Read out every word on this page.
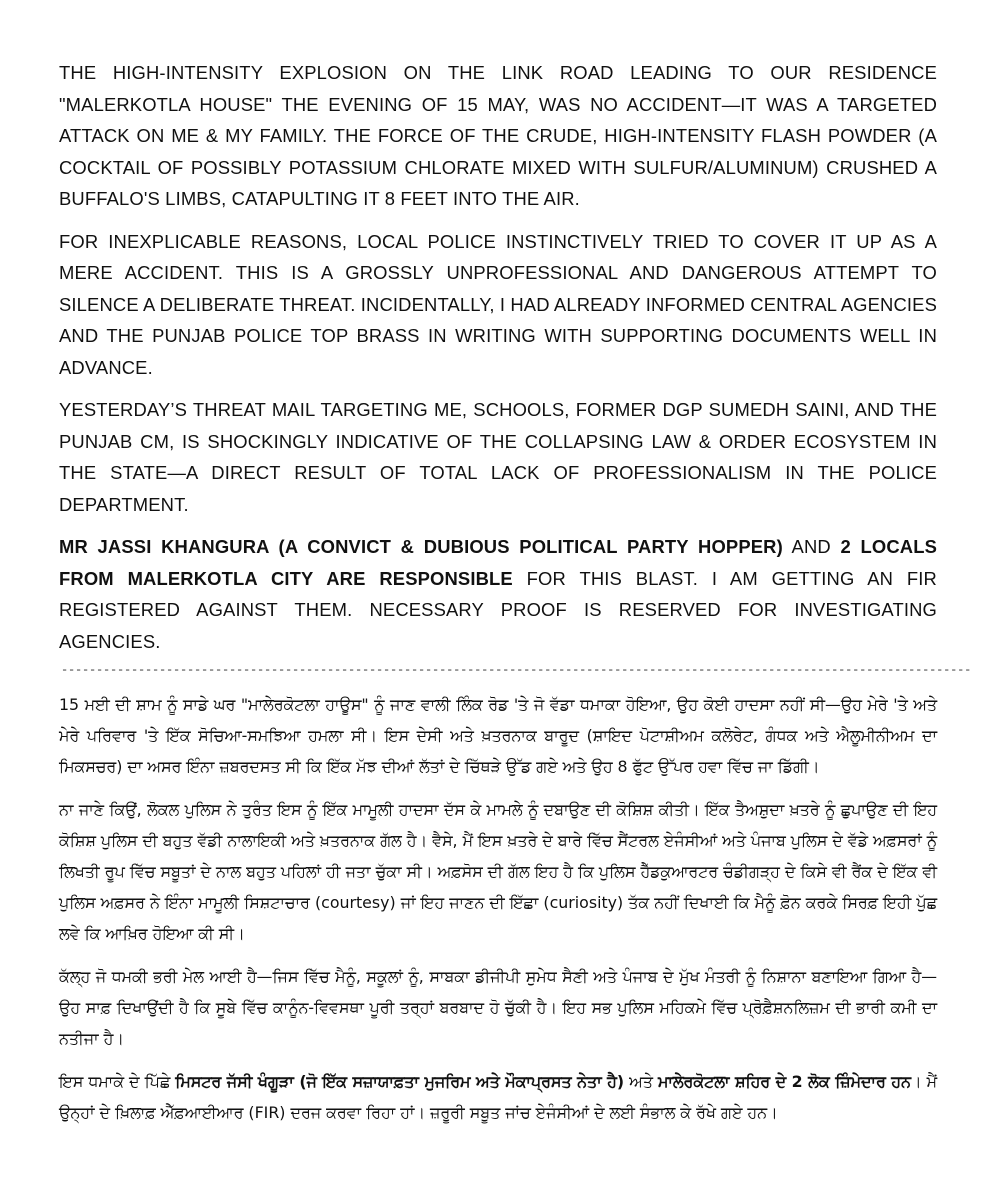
THE HIGH-INTENSITY EXPLOSION ON THE LINK ROAD LEADING TO OUR RESIDENCE "MALERKOTLA HOUSE" THE EVENING OF 15 MAY, WAS NO ACCIDENT—IT WAS A TARGETED ATTACK ON ME & MY FAMILY. THE FORCE OF THE CRUDE, HIGH-INTENSITY FLASH POWDER (A COCKTAIL OF POSSIBLY POTASSIUM CHLORATE MIXED WITH SULFUR/ALUMINUM) CRUSHED A BUFFALO'S LIMBS, CATAPULTING IT 8 FEET INTO THE AIR.

FOR INEXPLICABLE REASONS, LOCAL POLICE INSTINCTIVELY TRIED TO COVER IT UP AS A MERE ACCIDENT. THIS IS A GROSSLY UNPROFESSIONAL AND DANGEROUS ATTEMPT TO SILENCE A DELIBERATE THREAT. INCIDENTALLY, I HAD ALREADY INFORMED CENTRAL AGENCIES AND THE PUNJAB POLICE TOP BRASS IN WRITING WITH SUPPORTING DOCUMENTS WELL IN ADVANCE.

YESTERDAY’S THREAT MAIL TARGETING ME, SCHOOLS, FORMER DGP SUMEDH SAINI, AND THE PUNJAB CM, IS SHOCKINGLY INDICATIVE OF THE COLLAPSING LAW & ORDER ECOSYSTEM IN THE STATE—A DIRECT RESULT OF TOTAL LACK OF PROFESSIONALISM IN THE POLICE DEPARTMENT.

MR JASSI KHANGURA (A CONVICT & DUBIOUS POLITICAL PARTY HOPPER) AND 2 LOCALS FROM MALERKOTLA CITY ARE RESPONSIBLE FOR THIS BLAST. I AM GETTING AN FIR REGISTERED AGAINST THEM. NECESSARY PROOF IS RESERVED FOR INVESTIGATING AGENCIES.

----------------------------------------------------------------------------------------------------------------------------------

15 ਮਈ ਦੀ ਸ਼ਾਮ ਨੂੰ ਸਾਡੇ ਘਰ "ਮਾਲੇਰਕੋਟਲਾ ਹਾਊਸ" ਨੂੰ ਜਾਣ ਵਾਲੀ ਲਿੰਕ ਰੋਡ 'ਤੇ ਜੋ ਵੱਡਾ ਧਮਾਕਾ ਹੋਇਆ, ਉਹ ਕੋਈ ਹਾਦਸਾ ਨਹੀਂ ਸੀ—ਉਹ ਮੇਰੇ 'ਤੇ ਅਤੇ ਮੇਰੇ ਪਰਿਵਾਰ 'ਤੇ ਇੱਕ ਸੋਚਿਆ-ਸਮਝਿਆ ਹਮਲਾ ਸੀ। ਇਸ ਦੇਸੀ ਅਤੇ ਖ਼ਤਰਨਾਕ ਬਾਰੂਦ (ਸ਼ਾਇਦ ਪੋਟਾਸ਼ੀਅਮ ਕਲੋਰੇਟ, ਗੰਧਕ ਅਤੇ ਐਲੂਮੀਨੀਅਮ ਦਾ ਮਿਕਸਚਰ) ਦਾ ਅਸਰ ਇੰਨਾ ਜ਼ਬਰਦਸਤ ਸੀ ਕਿ ਇੱਕ ਮੱਝ ਦੀਆਂ ਲੱਤਾਂ ਦੇ ਚਿੱਥੜੇ ਉੱਡ ਗਏ ਅਤੇ ਉਹ 8 ਫੁੱਟ ਉੱਪਰ ਹਵਾ ਵਿੱਚ ਜਾ ਡਿੱਗੀ।

ਨਾ ਜਾਣੇ ਕਿਉਂ, ਲੋਕਲ ਪੁਲਿਸ ਨੇ ਤੁਰੰਤ ਇਸ ਨੂੰ ਇੱਕ ਮਾਮੂਲੀ ਹਾਦਸਾ ਦੱਸ ਕੇ ਮਾਮਲੇ ਨੂੰ ਦਬਾਉਣ ਦੀ ਕੋਸ਼ਿਸ਼ ਕੀਤੀ। ਇੱਕ ਤੈਅਸ਼ੁਦਾ ਖ਼ਤਰੇ ਨੂੰ ਛੁਪਾਉਣ ਦੀ ਇਹ ਕੋਸ਼ਿਸ਼ ਪੁਲਿਸ ਦੀ ਬਹੁਤ ਵੱਡੀ ਨਾਲਾਇਕੀ ਅਤੇ ਖ਼ਤਰਨਾਕ ਗੱਲ ਹੈ। ਵੈਸੇ, ਮੈਂ ਇਸ ਖ਼ਤਰੇ ਦੇ ਬਾਰੇ ਵਿੱਚ ਸੈਂਟਰਲ ਏਜੰਸੀਆਂ ਅਤੇ ਪੰਜਾਬ ਪੁਲਿਸ ਦੇ ਵੱਡੇ ਅਫ਼ਸਰਾਂ ਨੂੰ ਲਿਖਤੀ ਰੂਪ ਵਿੱਚ ਸਬੂਤਾਂ ਦੇ ਨਾਲ ਬਹੁਤ ਪਹਿਲਾਂ ਹੀ ਜਤਾ ਚੁੱਕਾ ਸੀ। ਅਫ਼ਸੋਸ ਦੀ ਗੱਲ ਇਹ ਹੈ ਕਿ ਪੁਲਿਸ ਹੈੱਡਕੁਆਰਟਰ ਚੰਡੀਗੜ੍ਹ ਦੇ ਕਿਸੇ ਵੀ ਰੈਂਕ ਦੇ ਇੱਕ ਵੀ ਪੁਲਿਸ ਅਫ਼ਸਰ ਨੇ ਇੰਨਾ ਮਾਮੂਲੀ ਸਿਸ਼ਟਾਚਾਰ (courtesy) ਜਾਂ ਇਹ ਜਾਣਨ ਦੀ ਇੱਛਾ (curiosity) ਤੱਕ ਨਹੀਂ ਦਿਖਾਈ ਕਿ ਮੈਨੂੰ ਫ਼ੋਨ ਕਰਕੇ ਸਿਰਫ਼ ਇਹੀ ਪੁੱਛ ਲਵੇ ਕਿ ਆਖ਼ਿਰ ਹੋਇਆ ਕੀ ਸੀ।

ਕੱਲ੍ਹ ਜੋ ਧਮਕੀ ਭਰੀ ਮੇਲ ਆਈ ਹੈ—ਜਿਸ ਵਿੱਚ ਮੈਨੂੰ, ਸਕੂਲਾਂ ਨੂੰ, ਸਾਬਕਾ ਡੀਜੀਪੀ ਸੁਮੇਧ ਸੈਣੀ ਅਤੇ ਪੰਜਾਬ ਦੇ ਮੁੱਖ ਮੰਤਰੀ ਨੂੰ ਨਿਸ਼ਾਨਾ ਬਣਾਇਆ ਗਿਆ ਹੈ—ਉਹ ਸਾਫ਼ ਦਿਖਾਉਂਦੀ ਹੈ ਕਿ ਸੂਬੇ ਵਿੱਚ ਕਾਨੂੰਨ-ਵਿਵਸਥਾ ਪੂਰੀ ਤਰ੍ਹਾਂ ਬਰਬਾਦ ਹੋ ਚੁੱਕੀ ਹੈ। ਇਹ ਸਭ ਪੁਲਿਸ ਮਹਿਕਮੇ ਵਿੱਚ ਪ੍ਰੋਫ਼ੈਸ਼ਨਲਿਜ਼ਮ ਦੀ ਭਾਰੀ ਕਮੀ ਦਾ ਨਤੀਜਾ ਹੈ।

ਇਸ ਧਮਾਕੇ ਦੇ ਪਿੱਛੇ ਮਿਸਟਰ ਜੱਸੀ ਖੰਗੂੜਾ (ਜੋ ਇੱਕ ਸਜ਼ਾਯਾਫ਼ਤਾ ਮੁਜਰਿਮ ਅਤੇ ਮੌਕਾਪ੍ਰਸਤ ਨੇਤਾ ਹੈ) ਅਤੇ ਮਾਲੇਰਕੋਟਲਾ ਸ਼ਹਿਰ ਦੇ 2 ਲੋਕ ਜ਼ਿੰਮੇਦਾਰ ਹਨ। ਮੈਂ ਉਨ੍ਹਾਂ ਦੇ ਖ਼ਿਲਾਫ਼ ਐੱਫ਼ਆਈਆਰ (FIR) ਦਰਜ ਕਰਵਾ ਰਿਹਾ ਹਾਂ। ਜ਼ਰੂਰੀ ਸਬੂਤ ਜਾਂਚ ਏਜੰਸੀਆਂ ਦੇ ਲਈ ਸੰਭਾਲ ਕੇ ਰੱਖੇ ਗਏ ਹਨ।
